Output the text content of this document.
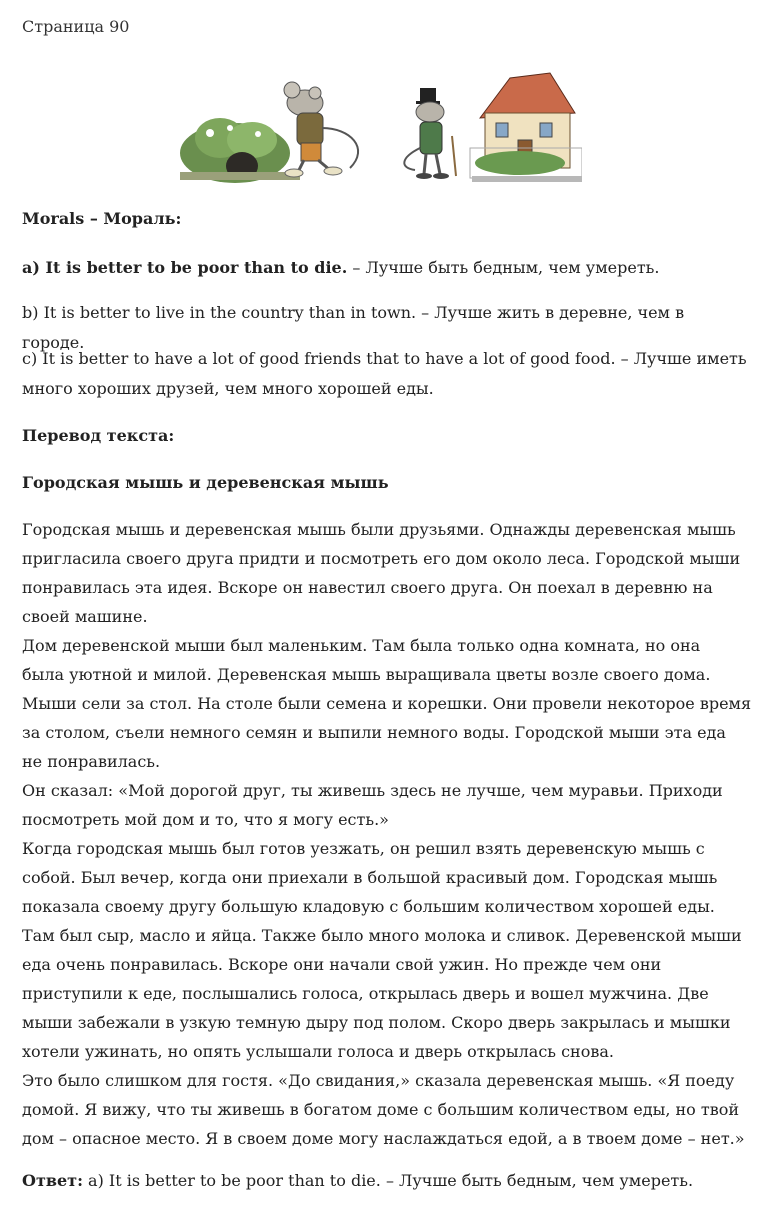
Страница 90

Morals – Мораль:

a) It is better to be poor than to die. – Лучше быть бедным, чем умереть.

b) It is better to live in the country than in town. – Лучше жить в деревне, чем в городе.

c) It is better to have a lot of good friends that to have a lot of good food. – Лучше иметь
много хороших друзей, чем много хорошей еды.

Перевод текста:

Городская мышь и деревенская мышь

Городская мышь и деревенская мышь были друзьями. Однажды деревенская мышь
пригласила своего друга придти и посмотреть его дом около леса. Городской мыши
понравилась эта идея. Вскоре он навестил своего друга. Он поехал в деревню на
своей машине.
Дом деревенской мыши был маленьким. Там была только одна комната, но она
была уютной и милой. Деревенская мышь выращивала цветы возле своего дома.
Мыши сели за стол. На столе были семена и корешки. Они провели некоторое время
за столом, съели немного семян и выпили немного воды. Городской мыши эта еда
не понравилась.
Он сказал: «Мой дорогой друг, ты живешь здесь не лучше, чем муравьи. Приходи
посмотреть мой дом и то, что я могу есть.»
Когда городская мышь был готов уезжать, он решил взять деревенскую мышь с
собой. Был вечер, когда они приехали в большой красивый дом. Городская мышь
показала своему другу большую кладовую с большим количеством хорошей еды.
Там был сыр, масло и яйца. Также было много молока и сливок. Деревенской мыши
еда очень понравилась. Вскоре они начали свой ужин. Но прежде чем они
приступили к еде, послышались голоса, открылась дверь и вошел мужчина. Две
мыши забежали в узкую темную дыру под полом. Скоро дверь закрылась и мышки
хотели ужинать, но опять услышали голоса и дверь открылась снова.
Это было слишком для гостя. «До свидания,» сказала деревенская мышь. «Я поеду
домой. Я вижу, что ты живешь в богатом доме с большим количеством еды, но твой
дом – опасное место. Я в своем доме могу наслаждаться едой, а в твоем доме – нет.»

Ответ: a) It is better to be poor than to die. – Лучше быть бедным, чем умереть.
